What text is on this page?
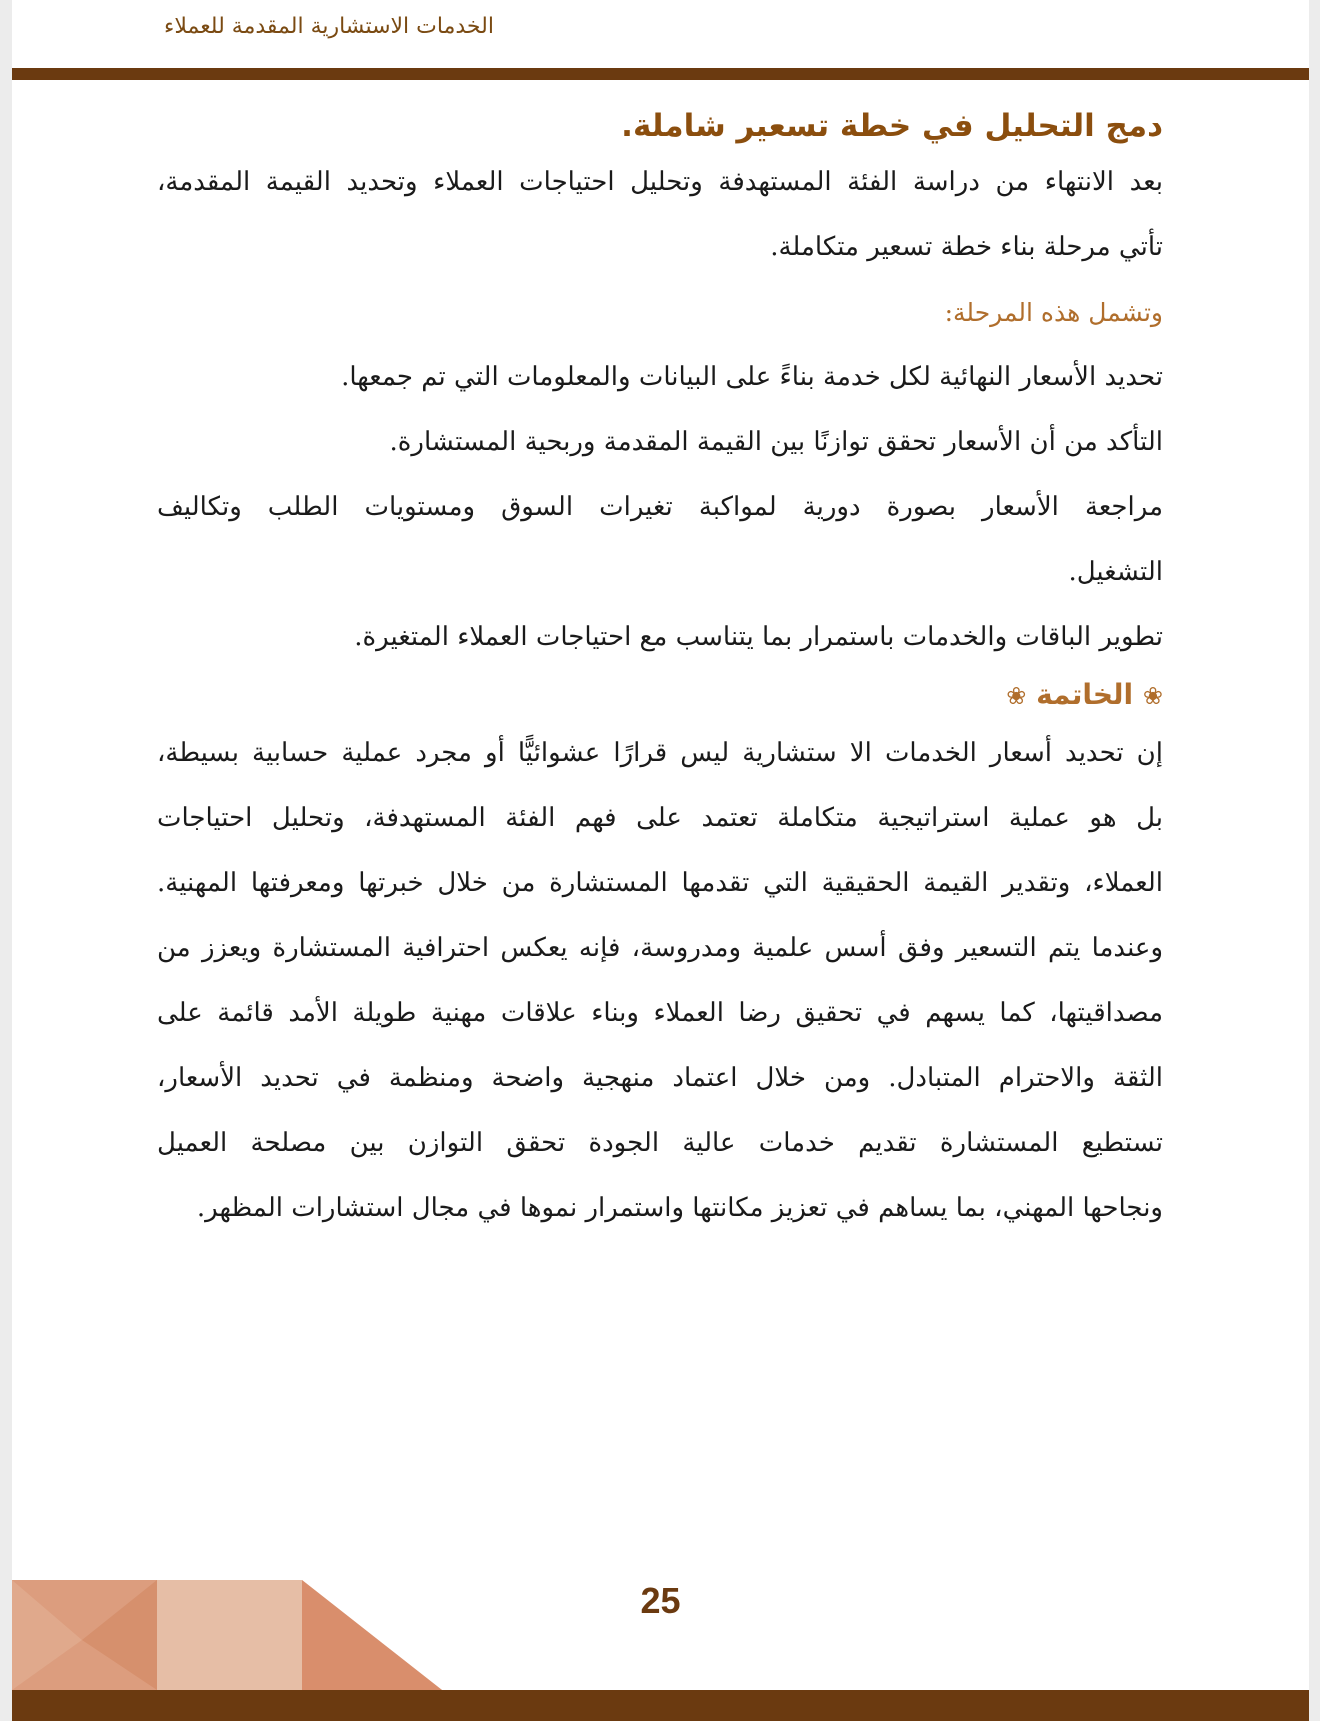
الخدمات الاستشارية المقدمة للعملاء
دمج التحليل في خطة تسعير شاملة.

بعد الانتهاء من دراسة الفئة المستهدفة وتحليل احتياجات العملاء وتحديد القيمة المقدمة،

تأتي مرحلة بناء خطة تسعير متكاملة.

وتشمل هذه المرحلة:

تحديد الأسعار النهائية لكل خدمة بناءً على البيانات والمعلومات التي تم جمعها.

التأكد من أن الأسعار تحقق توازنًا بين القيمة المقدمة وربحية المستشارة.

مراجعة الأسعار بصورة دورية لمواكبة تغيرات السوق ومستويات الطلب وتكاليف

التشغيل.

تطوير الباقات والخدمات باستمرار بما يتناسب مع احتياجات العملاء المتغيرة.

❀ الخاتمة ❀

إن تحديد أسعار الخدمات الا ستشارية ليس قرارًا عشوائيًّا أو مجرد عملية حسابية بسيطة،

بل هو عملية استراتيجية متكاملة تعتمد على فهم الفئة المستهدفة، وتحليل احتياجات

العملاء، وتقدير القيمة الحقيقية التي تقدمها المستشارة من خلال خبرتها ومعرفتها المهنية.

وعندما يتم التسعير وفق أسس علمية ومدروسة، فإنه يعكس احترافية المستشارة ويعزز من

مصداقيتها، كما يسهم في تحقيق رضا العملاء وبناء علاقات مهنية طويلة الأمد قائمة على

الثقة والاحترام المتبادل. ومن خلال اعتماد منهجية واضحة ومنظمة في تحديد الأسعار،

تستطيع المستشارة تقديم خدمات عالية الجودة تحقق التوازن بين مصلحة العميل

ونجاحها المهني، بما يساهم في تعزيز مكانتها واستمرار نموها في مجال استشارات المظهر.

25
